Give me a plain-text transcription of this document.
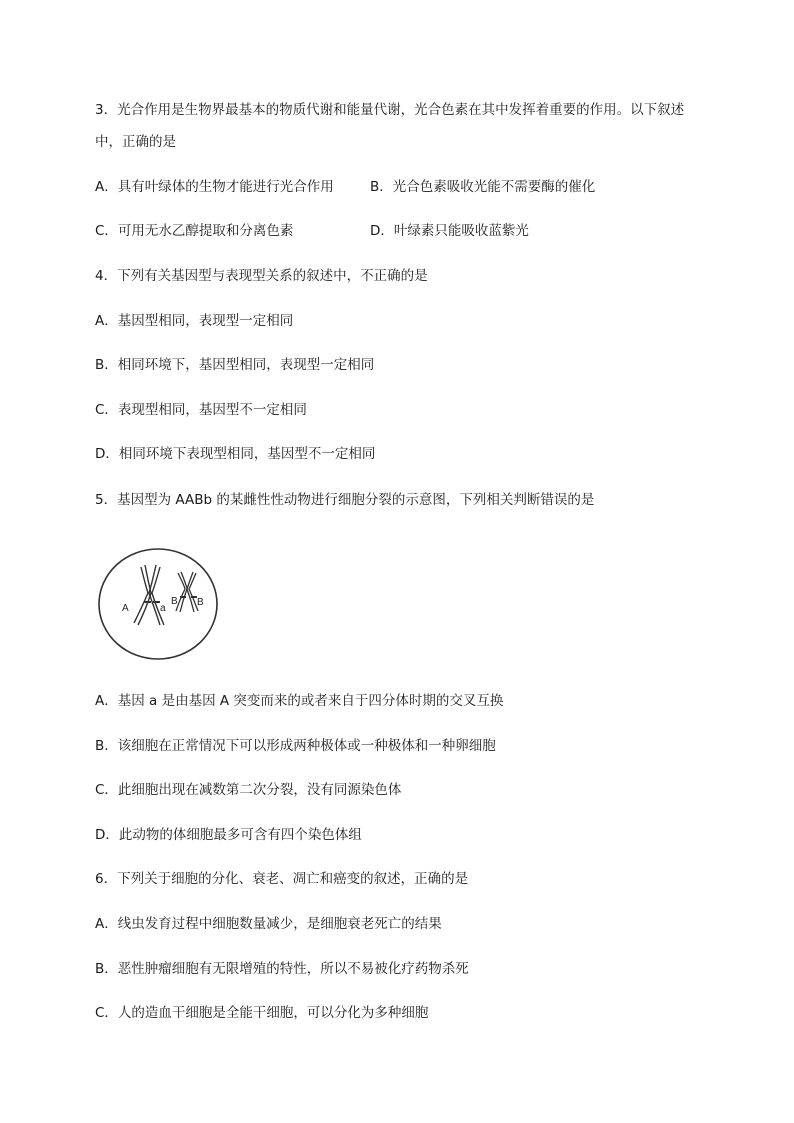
3．光合作用是生物界最基本的物质代谢和能量代谢，光合色素在其中发挥着重要的作用。以下叙述
中，正确的是
A．具有叶绿体的生物才能进行光合作用	B．光合色素吸收光能不需要酶的催化
C．可用无水乙醇提取和分离色素	D．叶绿素只能吸收蓝紫光
4．下列有关基因型与表现型关系的叙述中，不正确的是
A．基因型相同，表现型一定相同
B．相同环境下，基因型相同，表现型一定相同
C．表现型相同，基因型不一定相同
D．相同环境下表现型相同，基因型不一定相同
5．基因型为 AABb 的某雌性性动物进行细胞分裂的示意图，下列相关判断错误的是
A	a
B B
A．基因 a 是由基因 A 突变而来的或者来自于四分体时期的交叉互换
B．该细胞在正常情况下可以形成两种极体或一种极体和一种卵细胞
C．此细胞出现在减数第二次分裂，没有同源染色体
D．此动物的体细胞最多可含有四个染色体组
6．下列关于细胞的分化、衰老、凋亡和癌变的叙述，正确的是
A．线虫发育过程中细胞数量减少，是细胞衰老死亡的结果
B．恶性肿瘤细胞有无限增殖的特性，所以不易被化疗药物杀死
C．人的造血干细胞是全能干细胞，可以分化为多种细胞
